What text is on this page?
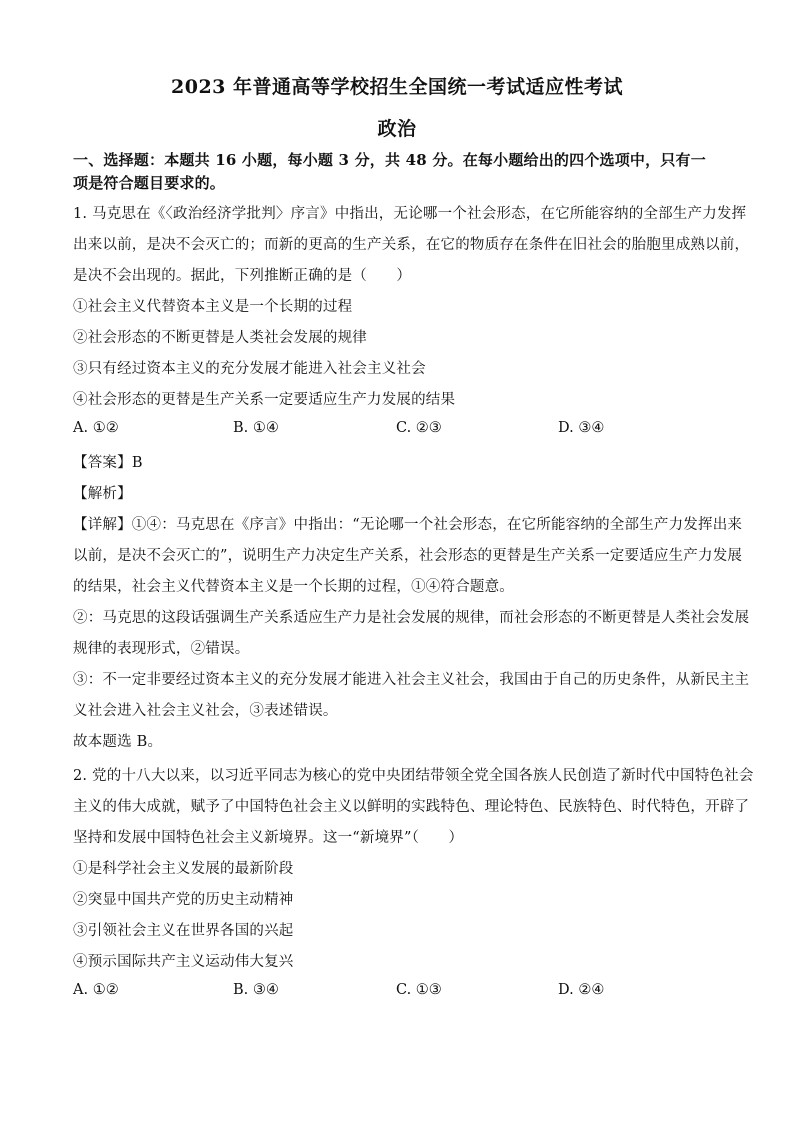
2023 年普通高等学校招生全国统一考试适应性考试
政治
一、选择题：本题共 16 小题，每小题 3 分，共 48 分。在每小题给出的四个选项中，只有一
项是符合题目要求的。
1. 马克思在《〈政治经济学批判〉序言》中指出，无论哪一个社会形态，在它所能容纳的全部生产力发挥
出来以前，是决不会灭亡的；而新的更高的生产关系，在它的物质存在条件在旧社会的胎胞里成熟以前，
是决不会出现的。据此，下列推断正确的是（　　）
①社会主义代替资本主义是一个长期的过程
②社会形态的不断更替是人类社会发展的规律
③只有经过资本主义的充分发展才能进入社会主义社会
④社会形态的更替是生产关系一定要适应生产力发展的结果
A. ①②	B. ①④	C. ②③	D. ③④
【答案】B
【解析】
【详解】①④：马克思在《序言》中指出：“无论哪一个社会形态，在它所能容纳的全部生产力发挥出来
以前，是决不会灭亡的”，说明生产力决定生产关系，社会形态的更替是生产关系一定要适应生产力发展
的结果，社会主义代替资本主义是一个长期的过程，①④符合题意。
②：马克思的这段话强调生产关系适应生产力是社会发展的规律，而社会形态的不断更替是人类社会发展
规律的表现形式，②错误。
③：不一定非要经过资本主义的充分发展才能进入社会主义社会，我国由于自己的历史条件，从新民主主
义社会进入社会主义社会，③表述错误。
故本题选 B。
2. 党的十八大以来，以习近平同志为核心的党中央团结带领全党全国各族人民创造了新时代中国特色社会
主义的伟大成就，赋予了中国特色社会主义以鲜明的实践特色、理论特色、民族特色、时代特色，开辟了
坚持和发展中国特色社会主义新境界。这一“新境界”（　　）
①是科学社会主义发展的最新阶段
②突显中国共产党的历史主动精神
③引领社会主义在世界各国的兴起
④预示国际共产主义运动伟大复兴
A. ①②	B. ③④	C. ①③	D. ②④
